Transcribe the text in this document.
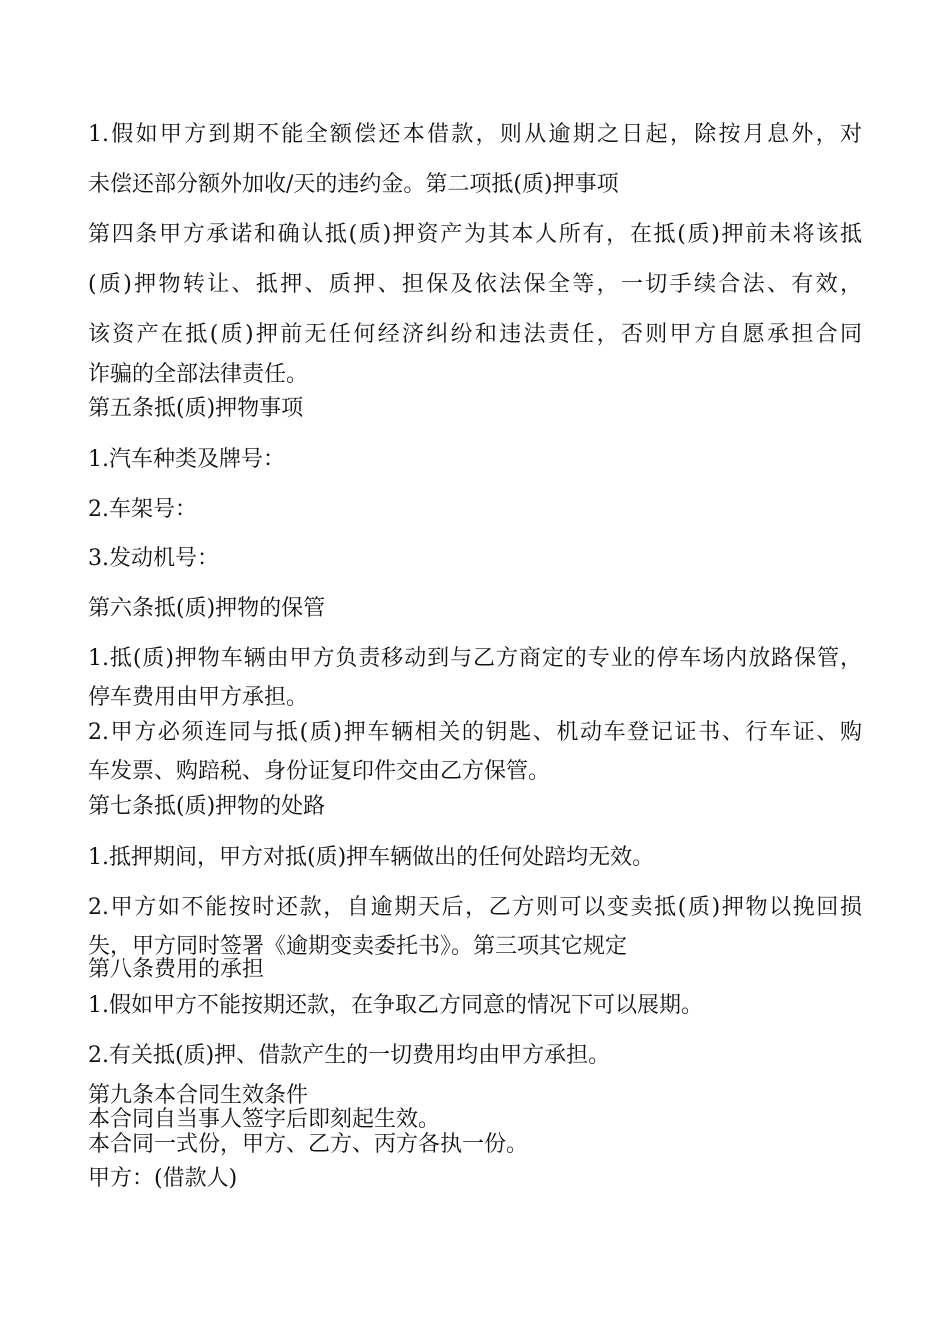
1.假如甲方到期不能全额偿还本借款，则从逾期之日起，除按月息外，对

未偿还部分额外加收/天的违约金。第二项抵(质)押事项

第四条甲方承诺和确认抵(质)押资产为其本人所有，在抵(质)押前未将该抵

(质)押物转让、抵押、质押、担保及依法保全等，一切手续合法、有效，

该资产在抵(质)押前无任何经济纠纷和违法责任，否则甲方自愿承担合同

诈骗的全部法律责任。

第五条抵(质)押物事项

1.汽车种类及牌号：

2.车架号：

3.发动机号：

第六条抵(质)押物的保管

1.抵(质)押物车辆由甲方负责移动到与乙方商定的专业的停车场内放路保管，

停车费用由甲方承担。

2.甲方必须连同与抵(质)押车辆相关的钥匙、机动车登记证书、行车证、购

车发票、购踣税、身份证复印件交由乙方保管。

第七条抵(质)押物的处路

1.抵押期间，甲方对抵(质)押车辆做出的任何处踣均无效。

2.甲方如不能按时还款，自逾期天后，乙方则可以变卖抵(质)押物以挽回损

失，甲方同时签署《逾期变卖委托书》。第三项其它规定

第八条费用的承担

1.假如甲方不能按期还款，在争取乙方同意的情况下可以展期。

2.有关抵(质)押、借款产生的一切费用均由甲方承担。

第九条本合同生效条件

本合同自当事人签字后即刻起生效。

本合同一式份，甲方、乙方、丙方各执一份。

甲方：(借款人)
